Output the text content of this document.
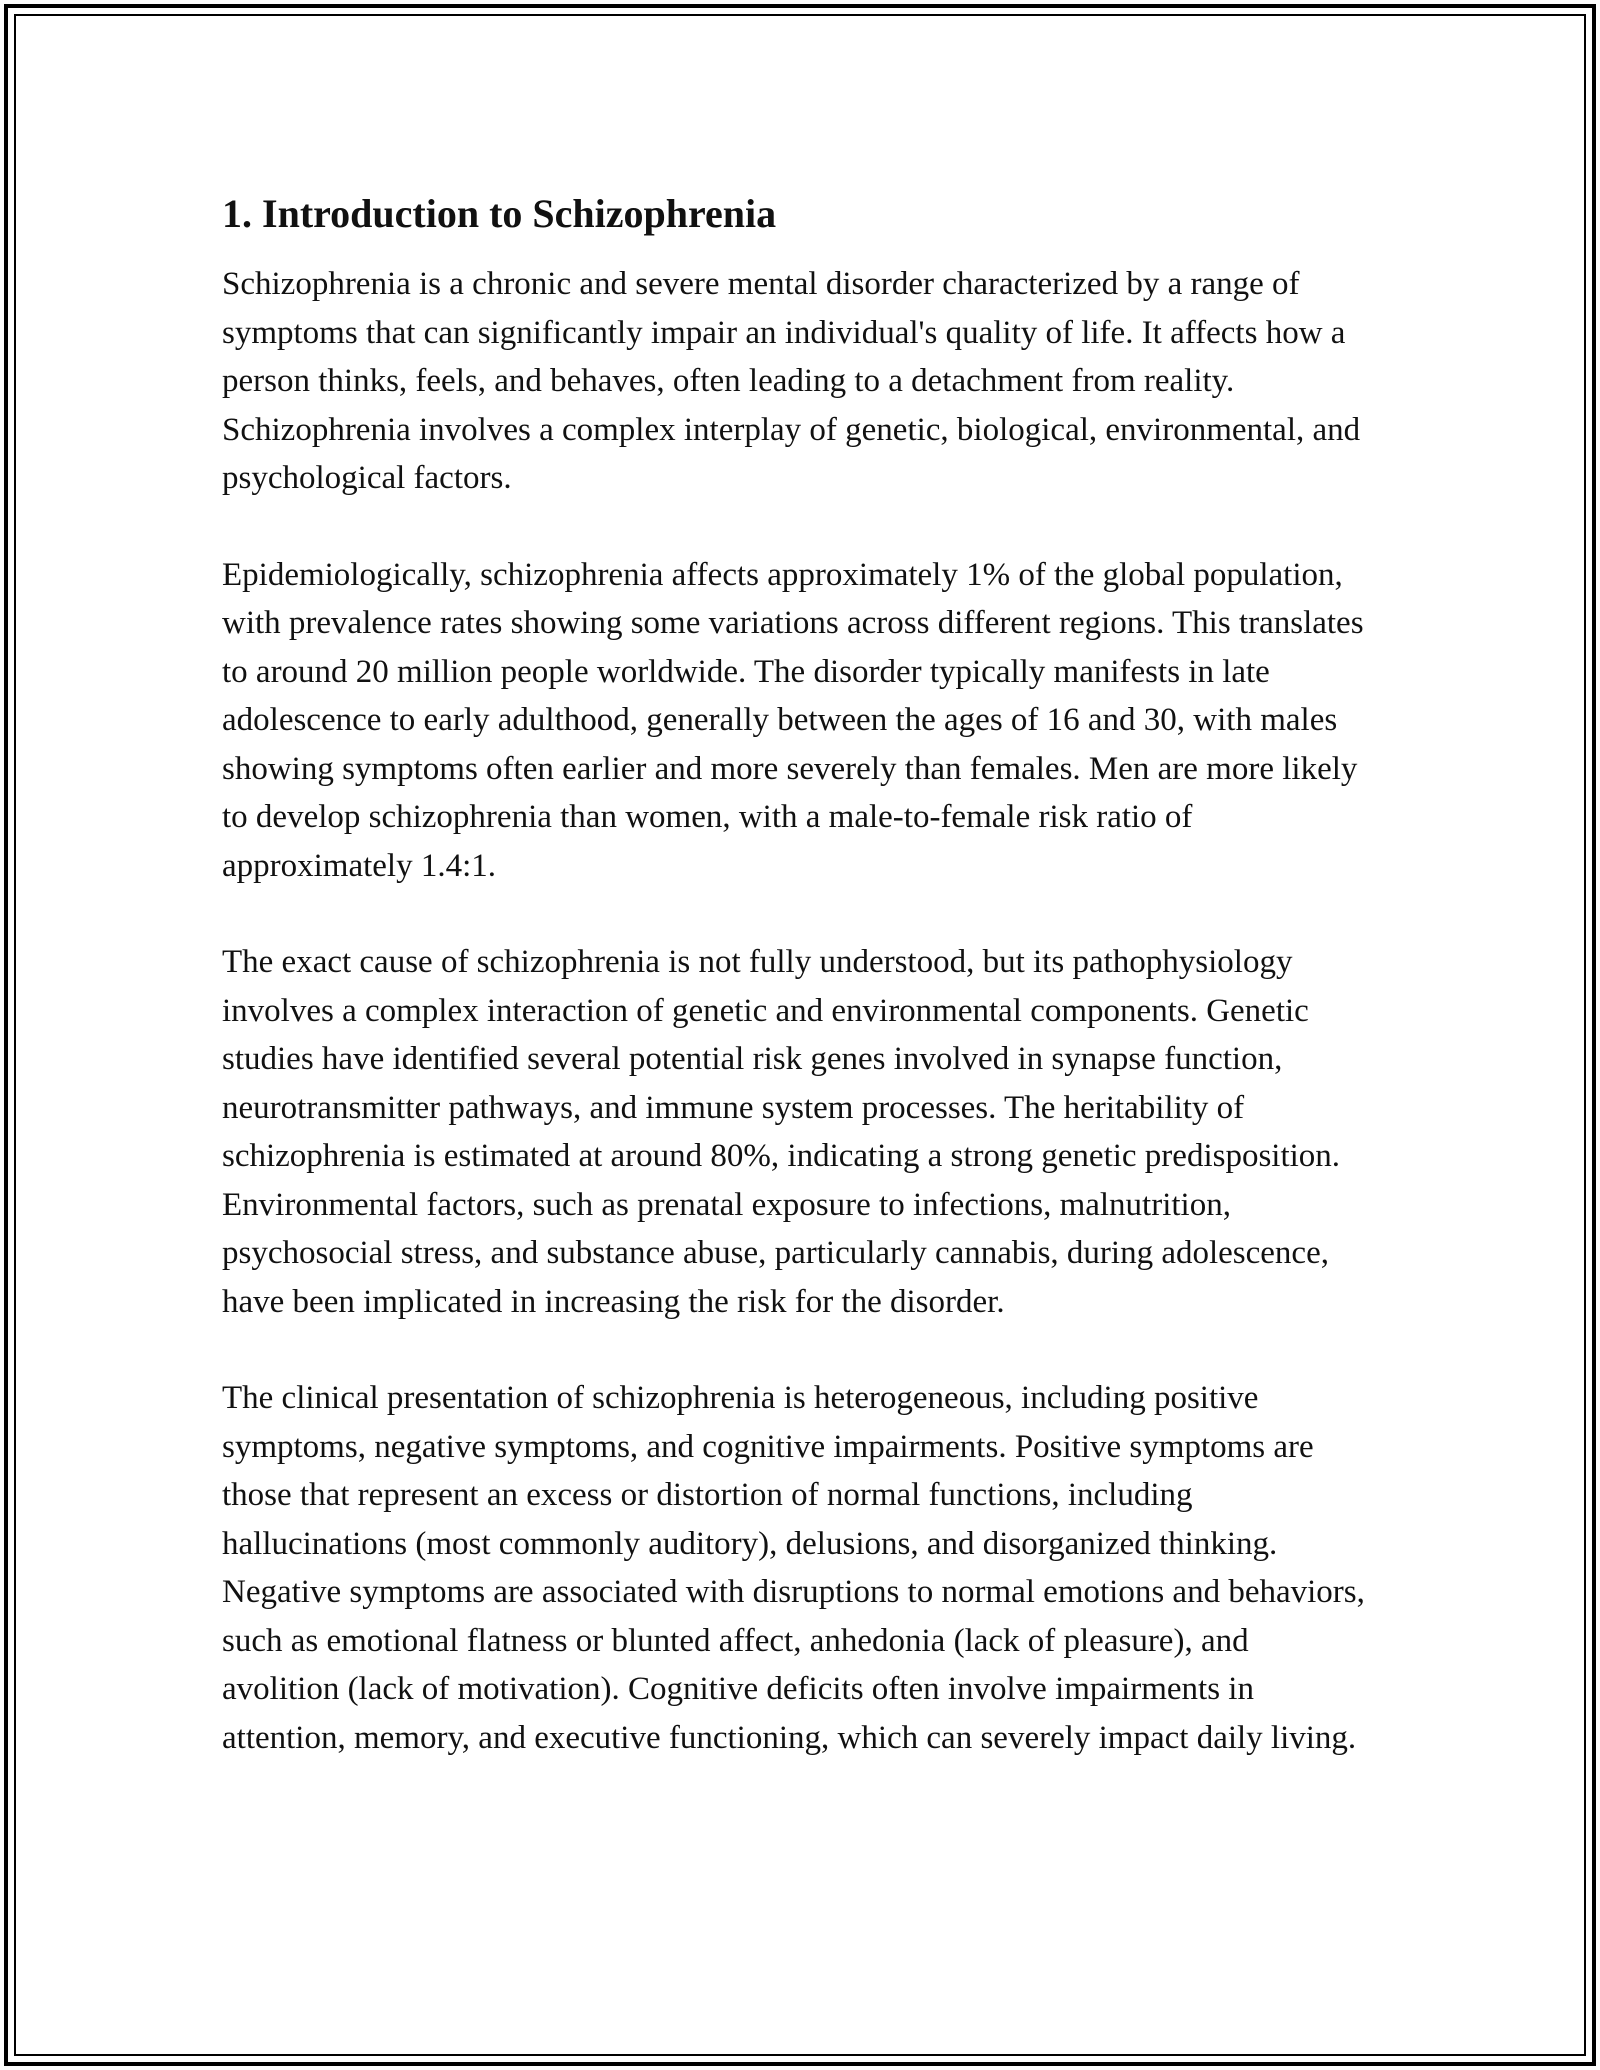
1. Introduction to Schizophrenia

Schizophrenia is a chronic and severe mental disorder characterized by a range of symptoms that can significantly impair an individual's quality of life. It affects how a person thinks, feels, and behaves, often leading to a detachment from reality. Schizophrenia involves a complex interplay of genetic, biological, environmental, and psychological factors.

Epidemiologically, schizophrenia affects approximately 1% of the global population, with prevalence rates showing some variations across different regions. This translates to around 20 million people worldwide. The disorder typically manifests in late adolescence to early adulthood, generally between the ages of 16 and 30, with males showing symptoms often earlier and more severely than females. Men are more likely to develop schizophrenia than women, with a male-to-female risk ratio of approximately 1.4:1.

The exact cause of schizophrenia is not fully understood, but its pathophysiology involves a complex interaction of genetic and environmental components. Genetic studies have identified several potential risk genes involved in synapse function, neurotransmitter pathways, and immune system processes. The heritability of schizophrenia is estimated at around 80%, indicating a strong genetic predisposition. Environmental factors, such as prenatal exposure to infections, malnutrition, psychosocial stress, and substance abuse, particularly cannabis, during adolescence, have been implicated in increasing the risk for the disorder.

The clinical presentation of schizophrenia is heterogeneous, including positive symptoms, negative symptoms, and cognitive impairments. Positive symptoms are those that represent an excess or distortion of normal functions, including hallucinations (most commonly auditory), delusions, and disorganized thinking. Negative symptoms are associated with disruptions to normal emotions and behaviors, such as emotional flatness or blunted affect, anhedonia (lack of pleasure), and avolition (lack of motivation). Cognitive deficits often involve impairments in attention, memory, and executive functioning, which can severely impact daily living.
